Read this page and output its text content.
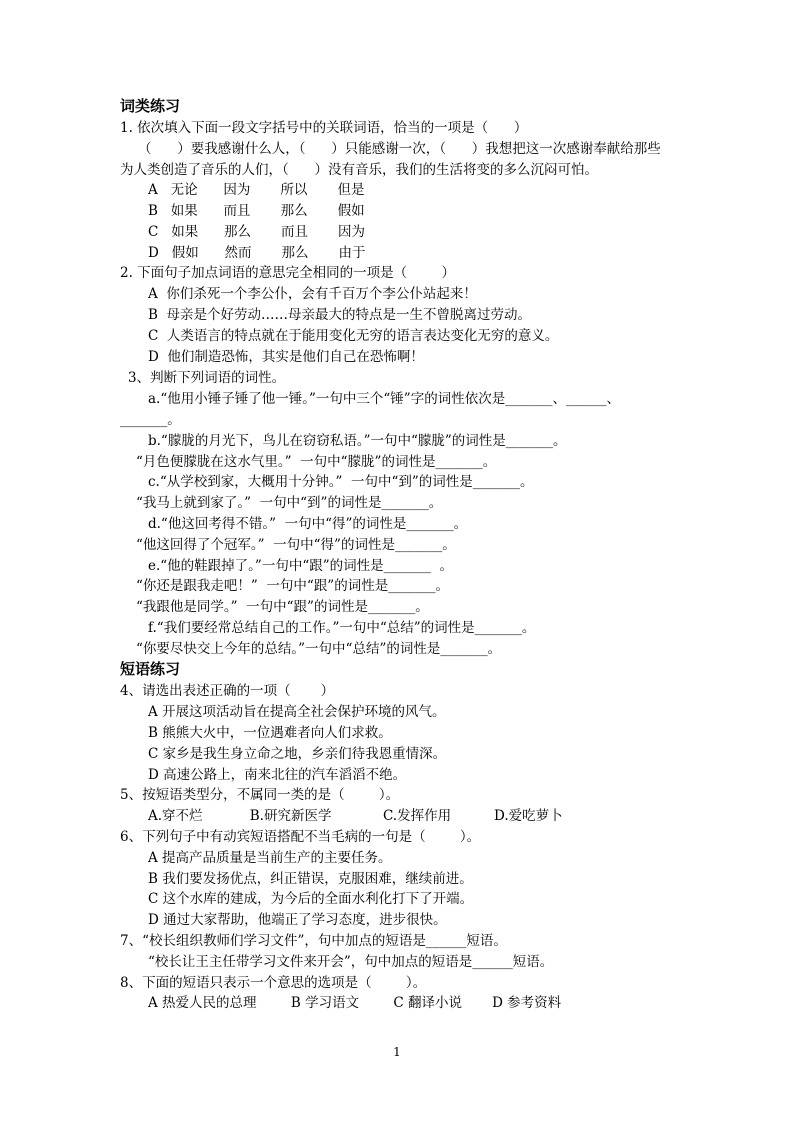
词类练习
1. 依次填入下面一段文字括号中的关联词语，恰当的一项是（      ）
（      ）要我感谢什么人，（      ）只能感谢一次，（      ）我想把这一次感谢奉献给那些
为人类创造了音乐的人们，（      ）没有音乐，我们的生活将变的多么沉闷可怕。
A   无论      因为       所以       但是
B   如果      而且       那么       假如
C   如果      那么       而且       因为
D   假如      然而       那么       由于
2. 下面句子加点词语的意思完全相同的一项是（        ）
A  你们杀死一个李公仆，会有千百万个李公仆站起来！
B  母亲是个好劳动……母亲最大的特点是一生不曾脱离过劳动。
C  人类语言的特点就在于能用变化无穷的语言表达变化无穷的意义。
D  他们制造恐怖，其实是他们自己在恐怖啊！
3、判断下列词语的词性。
a.“他用小锤子锤了他一锤。”一句中三个“锤”字的词性依次是_______、______、
_______。
b.“朦胧的月光下，鸟儿在窃窃私语。”一句中“朦胧”的词性是_______。
“月色便朦胧在这水气里。”  一句中“朦胧”的词性是_______。
c.“从学校到家，大概用十分钟。”  一句中“到”的词性是_______。
“我马上就到家了。”  一句中“到”的词性是_______。
d.“他这回考得不错。”  一句中“得”的词性是_______。
“他这回得了个冠军。”  一句中“得”的词性是_______。
e.“他的鞋跟掉了。”一句中“跟”的词性是_______  。
“你还是跟我走吧！”  一句中“跟”的词性是_______。
“我跟他是同学。”  一句中“跟”的词性是_______。
f.“我们要经常总结自己的工作。”一句中“总结”的词性是_______。
“你要尽快交上今年的总结。”一句中“总结”的词性是_______。
短语练习
4、请选出表述正确的一项（       ）
A 开展这项活动旨在提高全社会保护环境的风气。
B 熊熊大火中，一位遇难者向人们求救。
C 家乡是我生身立命之地，乡亲们待我恩重情深。
D 高速公路上，南来北往的汽车滔滔不绝。
5、按短语类型分，不属同一类的是（        ）。
A.穿不烂           B.研究新医学            C.发挥作用          D.爱吃萝卜
6、下列句子中有动宾短语搭配不当毛病的一句是（        ）。
A 提高产品质量是当前生产的主要任务。
B 我们要发扬优点，纠正错误，克服困难，继续前进。
C 这个水库的建成，为今后的全面水利化打下了开端。
D 通过大家帮助，他端正了学习态度，进步很快。
7、“校长组织教师们学习文件”，句中加点的短语是______短语。
“校长让王主任带学习文件来开会”，句中加点的短语是______短语。
8、下面的短语只表示一个意思的选项是（        ）。
A 热爱人民的总理        B 学习语文        C 翻译小说       D 参考资料
1
